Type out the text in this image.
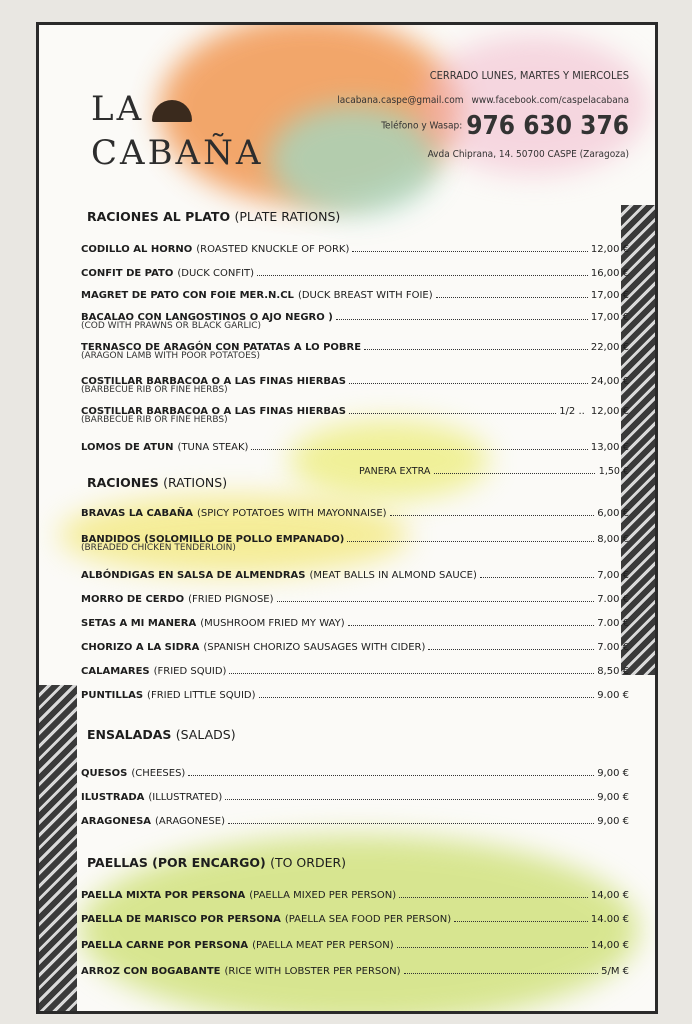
LA
CABAÑA
CERRADO LUNES, MARTES Y MIERCOLES
lacabana.caspe@gmail.com www.facebook.com/caspelacabana
Teléfono y Wasap: 976 630 376
Avda Chiprana, 14. 50700 CASPE (Zaragoza)
RACIONES AL PLATO (PLATE RATIONS)
CODILLO AL HORNO (ROASTED KNUCKLE OF PORK)	12,00 €
CONFIT DE PATO (DUCK CONFIT)	16,00 €
MAGRET DE PATO CON FOIE MER.N.CL (DUCK BREAST WITH FOIE)	17,00 €
BACALAO CON LANGOSTINOS O AJO NEGRO )	17,00 €
(COD WITH PRAWNS OR BLACK GARLIC)
TERNASCO DE ARAGÓN CON PATATAS A LO POBRE	22,00 €
(ARAGON LAMB WITH POOR POTATOES)
COSTILLAR BARBACOA O A LAS FINAS HIERBAS	24,00 €
(BARBECUE RIB OR FINE HERBS)
COSTILLAR BARBACOA O A LAS FINAS HIERBAS	1/2 .. 12,00 €
(BARBECUE RIB OR FINE HERBS)
LOMOS DE ATUN (TUNA STEAK)	13,00 €
PANERA EXTRA	1,50 €
RACIONES (RATIONS)
BRAVAS LA CABAÑA (SPICY POTATOES WITH MAYONNAISE)	6,00 €
BANDIDOS (SOLOMILLO DE POLLO EMPANADO)	8,00 €
(BREADED CHICKEN TENDERLOIN)
ALBÓNDIGAS EN SALSA DE ALMENDRAS (MEAT BALLS IN ALMOND SAUCE)	7,00 €
MORRO DE CERDO (FRIED PIGNOSE)	7.00 €
SETAS A MI MANERA (MUSHROOM FRIED MY WAY)	7.00 €
CHORIZO A LA SIDRA (SPANISH CHORIZO SAUSAGES WITH CIDER)	7.00 €
CALAMARES (FRIED SQUID)	8,50 €
PUNTILLAS (FRIED LITTLE SQUID)	9.00 €
ENSALADAS (SALADS)
QUESOS (CHEESES)	9,00 €
ILUSTRADA (ILLUSTRATED)	9,00 €
ARAGONESA (ARAGONESE)	9,00 €
PAELLAS (POR ENCARGO) (TO ORDER)
PAELLA MIXTA POR PERSONA (PAELLA MIXED PER PERSON)	14,00 €
PAELLA DE MARISCO POR PERSONA (PAELLA SEA FOOD PER PERSON)	14.00 €
PAELLA CARNE POR PERSONA (PAELLA MEAT PER PERSON)	14,00 €
ARROZ CON BOGABANTE (RICE WITH LOBSTER PER PERSON)	5/M €
